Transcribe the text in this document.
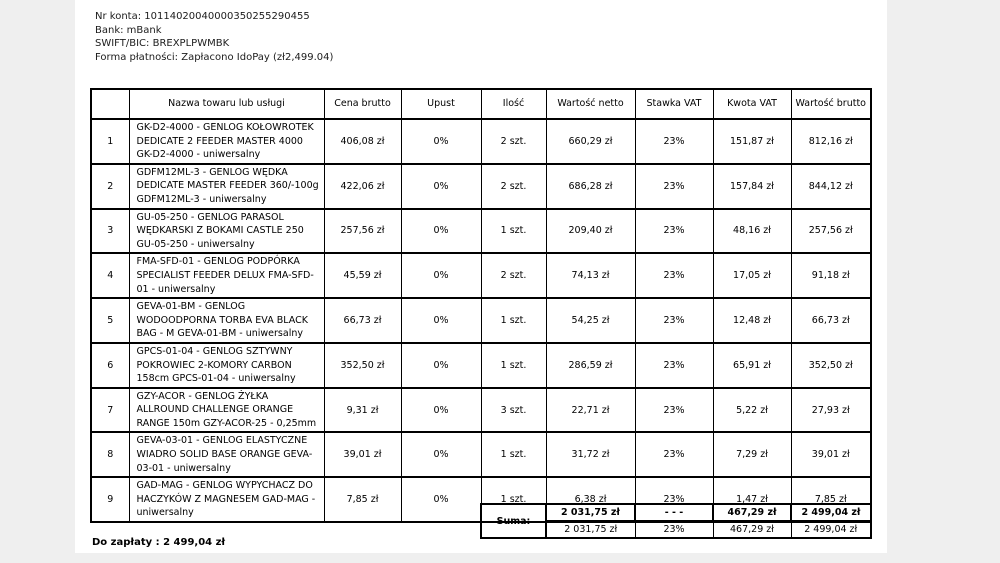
Nr konta: 10114020040000350255290455
Bank: mBank
SWIFT/BIC: BREXPLPWMBK
Forma płatności: Zapłacono IdoPay (zł2,499.04)
	Nazwa towaru lub usługi	Cena brutto	Upust	Ilość	Wartość netto	Stawka VAT	Kwota VAT	Wartość brutto
1	GK-D2-4000 - GENLOG KOŁOWROTEK DEDICATE 2 FEEDER MASTER 4000 GK-D2-4000 - uniwersalny	406,08 zł	0%	2 szt.	660,29 zł	23%	151,87 zł	812,16 zł
2	GDFM12ML-3 - GENLOG WĘDKA DEDICATE MASTER FEEDER 360/-100g GDFM12ML-3 - uniwersalny	422,06 zł	0%	2 szt.	686,28 zł	23%	157,84 zł	844,12 zł
3	GU-05-250 - GENLOG PARASOL WĘDKARSKI Z BOKAMI CASTLE 250 GU-05-250 - uniwersalny	257,56 zł	0%	1 szt.	209,40 zł	23%	48,16 zł	257,56 zł
4	FMA-SFD-01 - GENLOG PODPÓRKA SPECIALIST FEEDER DELUX FMA-SFD-01 - uniwersalny	45,59 zł	0%	2 szt.	74,13 zł	23%	17,05 zł	91,18 zł
5	GEVA-01-BM - GENLOG WODOODPORNA TORBA EVA BLACK BAG - M GEVA-01-BM - uniwersalny	66,73 zł	0%	1 szt.	54,25 zł	23%	12,48 zł	66,73 zł
6	GPCS-01-04 - GENLOG SZTYWNY POKROWIEC 2-KOMORY CARBON 158cm GPCS-01-04 - uniwersalny	352,50 zł	0%	1 szt.	286,59 zł	23%	65,91 zł	352,50 zł
7	GZY-ACOR - GENLOG ŻYŁKA ALLROUND CHALLENGE ORANGE RANGE 150m GZY-ACOR-25 - 0,25mm	9,31 zł	0%	3 szt.	22,71 zł	23%	5,22 zł	27,93 zł
8	GEVA-03-01 - GENLOG ELASTYCZNE WIADRO SOLID BASE ORANGE GEVA-03-01 - uniwersalny	39,01 zł	0%	1 szt.	31,72 zł	23%	7,29 zł	39,01 zł
9	GAD-MAG - GENLOG WYPYCHACZ DO HACZYKÓW Z MAGNESEM GAD-MAG - uniwersalny	7,85 zł	0%	1 szt.	6,38 zł	23%	1,47 zł	7,85 zł
Suma:	2 031,75 zł	- - -	467,29 zł	2 499,04 zł
	2 031,75 zł	23%	467,29 zł	2 499,04 zł
Do zapłaty : 2 499,04 zł
